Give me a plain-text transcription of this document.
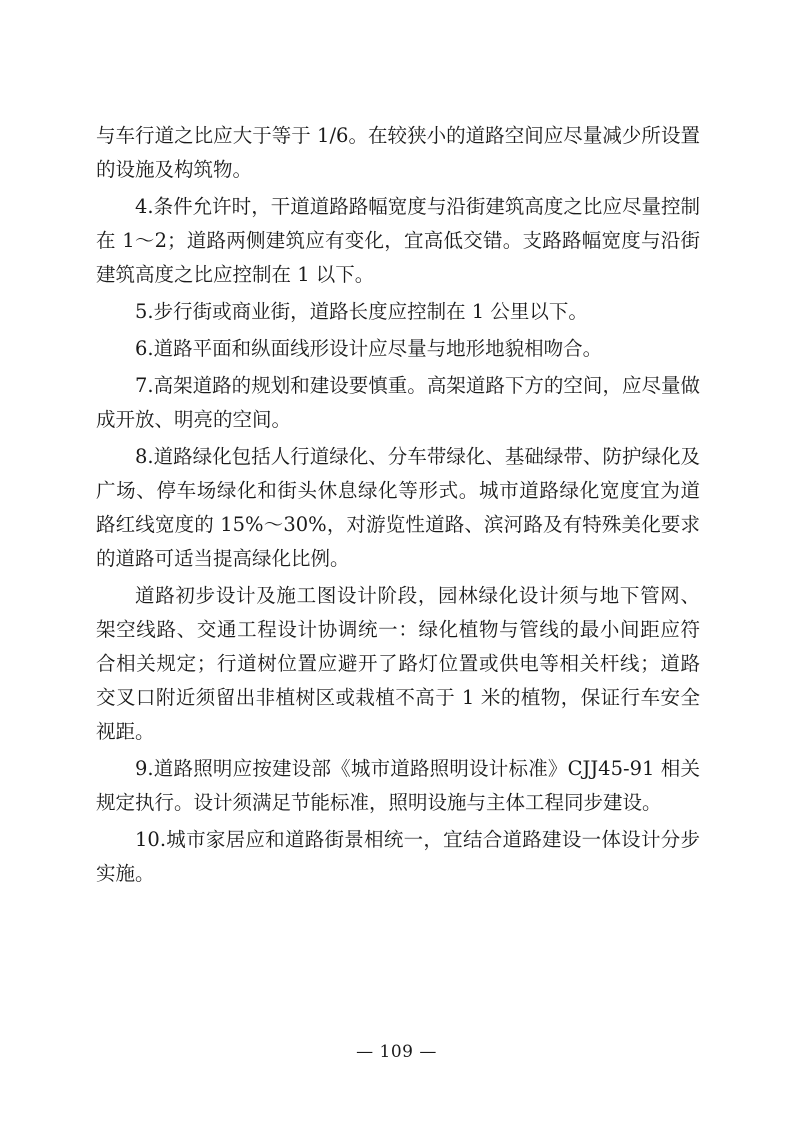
与车行道之比应大于等于 1/6。在较狭小的道路空间应尽量减少所设置的设施及构筑物。

4.条件允许时，干道道路路幅宽度与沿街建筑高度之比应尽量控制在 1～2；道路两侧建筑应有变化，宜高低交错。支路路幅宽度与沿街建筑高度之比应控制在 1 以下。

5.步行街或商业街，道路长度应控制在 1 公里以下。

6.道路平面和纵面线形设计应尽量与地形地貌相吻合。

7.高架道路的规划和建设要慎重。高架道路下方的空间，应尽量做成开放、明亮的空间。

8.道路绿化包括人行道绿化、分车带绿化、基础绿带、防护绿化及广场、停车场绿化和街头休息绿化等形式。城市道路绿化宽度宜为道路红线宽度的 15%～30%，对游览性道路、滨河路及有特殊美化要求的道路可适当提高绿化比例。

道路初步设计及施工图设计阶段，园林绿化设计须与地下管网、架空线路、交通工程设计协调统一：绿化植物与管线的最小间距应符合相关规定；行道树位置应避开了路灯位置或供电等相关杆线；道路交叉口附近须留出非植树区或栽植不高于 1 米的植物，保证行车安全视距。

9.道路照明应按建设部《城市道路照明设计标准》CJJ45-91 相关规定执行。设计须满足节能标准，照明设施与主体工程同步建设。

10.城市家居应和道路街景相统一，宜结合道路建设一体设计分步实施。

— 109 —
